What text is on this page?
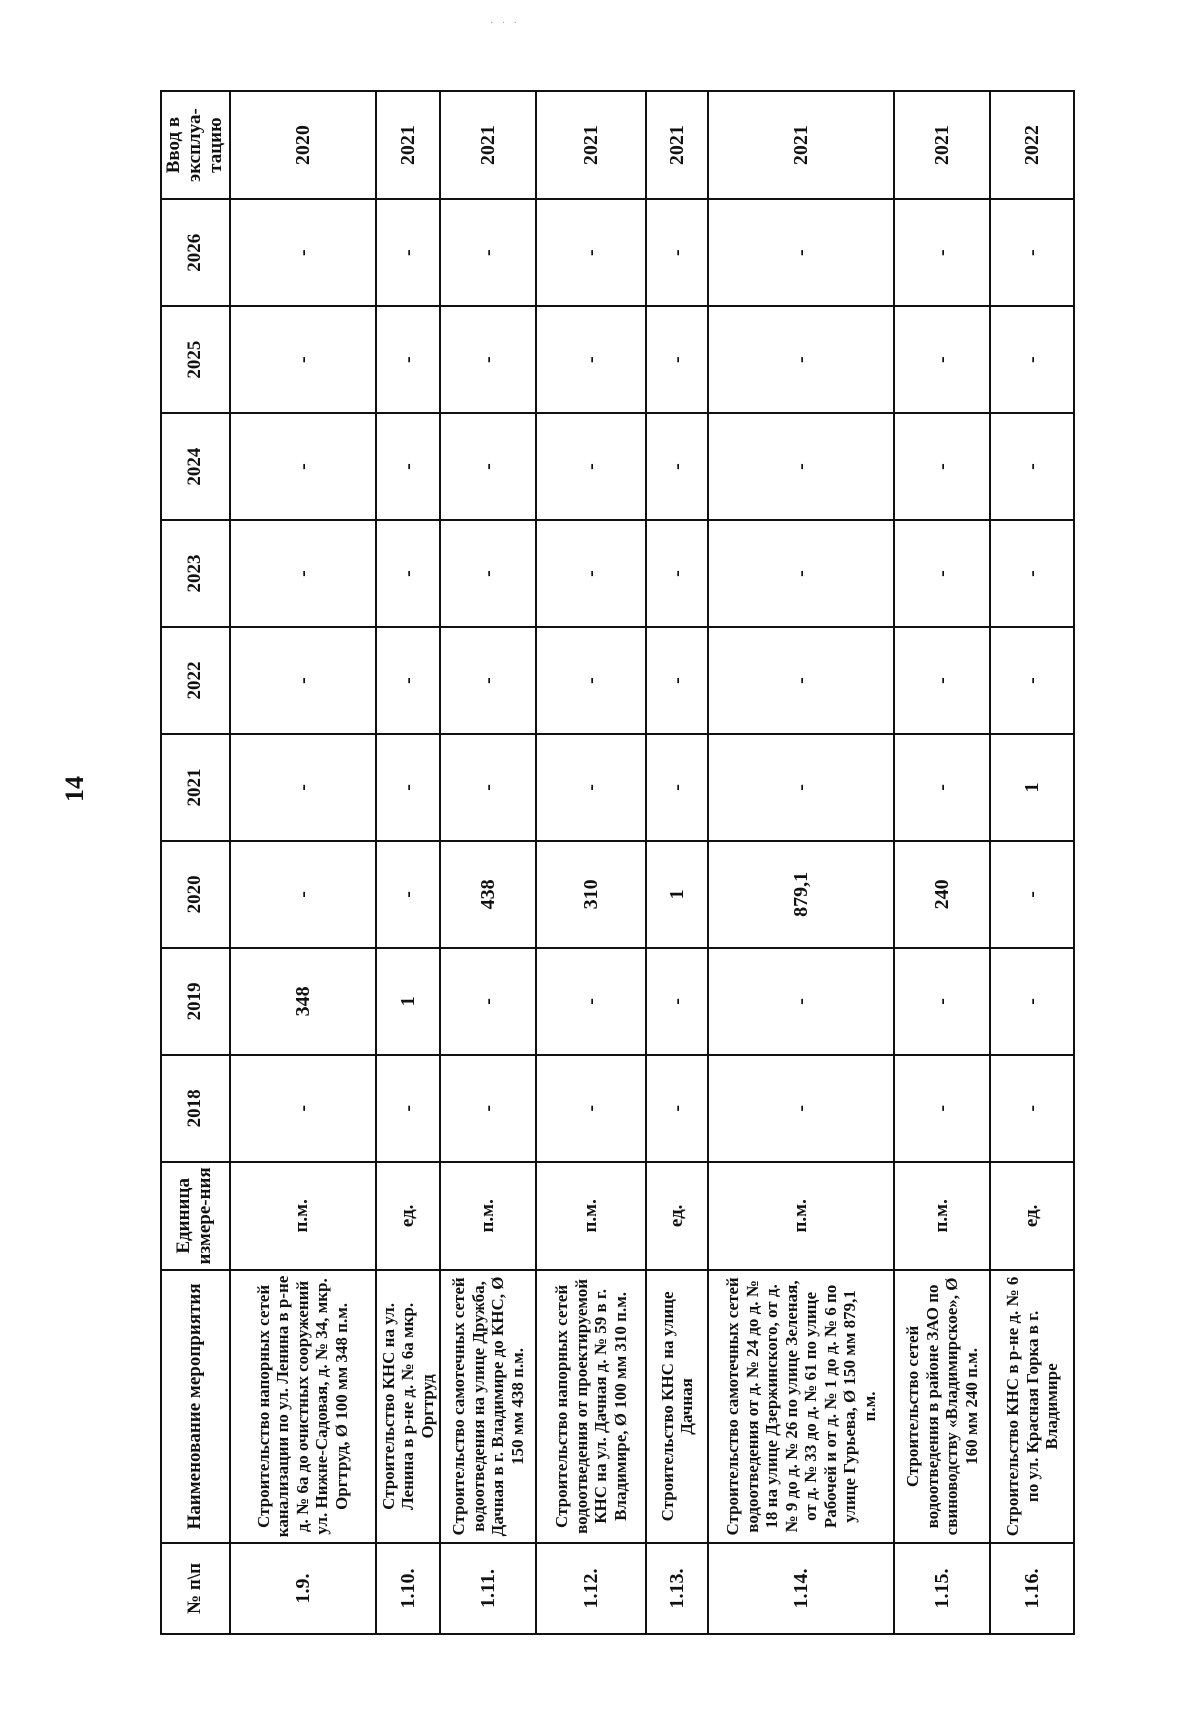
· · ·
14
№ п\п	Наименование мероприятия	Единица измере-ния	2018	2019	2020	2021	2022	2023	2024	2025	2026	Ввод в эксплуа-тацию
1.9.	Строительство напорных сетей канализации по ул. Ленина в р-не д. № 6а до очистных сооружений ул. Нижне-Садовая, д. № 34, мкр. Оргтруд, Ø 100 мм 348 п.м.	п.м.	-	348	-	-	-	-	-	-	-	2020
1.10.	Строительство КНС на ул. Ленина в р-не д. № 6а мкр. Оргтруд	ед.	-	1	-	-	-	-	-	-	-	2021
1.11.	Строительство самотечных сетей водоотведения на улице Дружба, Дачная в г. Владимире до КНС, Ø 150 мм 438 п.м.	п.м.	-	-	438	-	-	-	-	-	-	2021
1.12.	Строительство напорных сетей водоотведения от проектируемой КНС на ул. Дачная д. № 59 в г. Владимире, Ø 100 мм 310 п.м.	п.м.	-	-	310	-	-	-	-	-	-	2021
1.13.	Строительство КНС на улице Дачная	ед.	-	-	1	-	-	-	-	-	-	2021
1.14.	Строительство самотечных сетей водоотведения от д. № 24 до д. № 18 на улице Дзержинского, от д. № 9 до д. № 26 по улице Зеленая, от д. № 33 до д. № 61 по улице Рабочей и от д. № 1 до д. № 6 по улице Гурьева, Ø 150 мм 879,1 п.м.	п.м.	-	-	879,1	-	-	-	-	-	-	2021
1.15.	Строительство сетей водоотведения в районе ЗАО по свиноводству «Владимирское», Ø 160 мм 240 п.м.	п.м.	-	-	240	-	-	-	-	-	-	2021
1.16.	Строительство КНС в р-не д. № 6 по ул. Красная Горка в г. Владимире	ед.	-	-	-	1	-	-	-	-	-	2022
